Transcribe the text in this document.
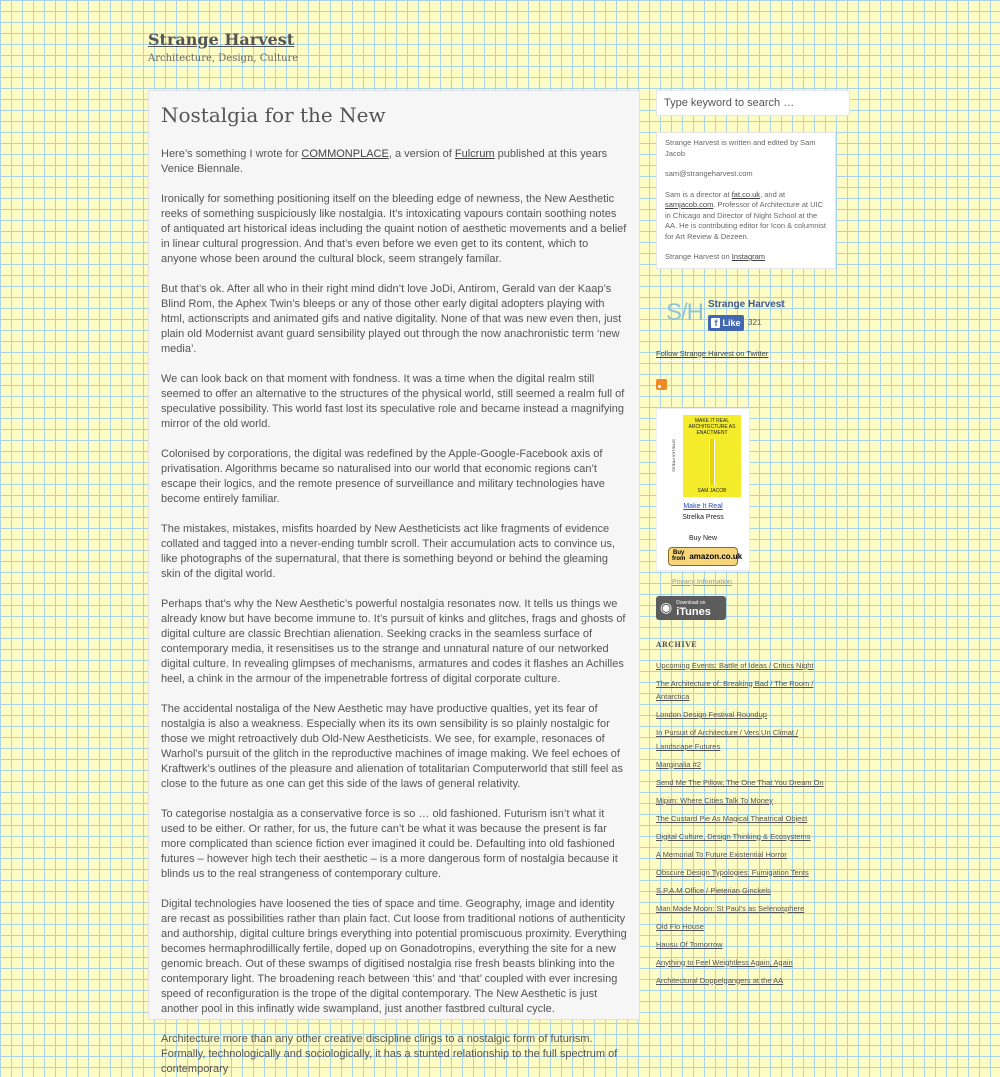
Strange Harvest
Architecture, Design, Culture
Nostalgia for the New

Here’s something I wrote for COMMONPLACE, a version of Fulcrum published at this years Venice Biennale.

Ironically for something positioning itself on the bleeding edge of newness, the New Aesthetic reeks of something suspiciously like nostalgia. It’s intoxicating vapours contain soothing notes of antiquated art historical ideas including the quaint notion of aesthetic movements and a belief in linear cultural progression. And that’s even before we even get to its content, which to anyone whose been around the cultural block, seem strangely familar.

But that’s ok. After all who in their right mind didn’t love JoDi, Antirom, Gerald van der Kaap’s Blind Rom, the Aphex Twin’s bleeps or any of those other early digital adopters playing with html, actionscripts and animated gifs and native digitality. None of that was new even then, just plain old Modernist avant guard sensibility played out through the now anachronistic term ‘new media’.

We can look back on that moment with fondness. It was a time when the digital realm still seemed to offer an alternative to the structures of the physical world, still seemed a realm full of speculative possibility. This world fast lost its speculative role and became instead a magnifying mirror of the old world.

Colonised by corporations, the digital was redefined by the Apple-Google-Facebook axis of privatisation. Algorithms became so naturalised into our world that economic regions can’t escape their logics, and the remote presence of surveillance and military technologies have become entirely familiar.

The mistakes, mistakes, misfits hoarded by New Aestheticists act like fragments of evidence collated and tagged into a never-ending tumblr scroll. Their accumulation acts to convince us, like photographs of the supernatural, that there is something beyond or behind the gleaming skin of the digital world.

Perhaps that’s why the New Aesthetic’s powerful nostalgia resonates now. It tells us things we already know but have become immune to. It’s pursuit of kinks and glitches, frags and ghosts of digital culture are classic Brechtian alienation. Seeking cracks in the seamless surface of contemporary media, it resensitises us to the strange and unnatural nature of our networked digital culture. In revealing glimpses of mechanisms, armatures and codes it flashes an Achilles heel, a chink in the armour of the impenetrable fortress of digital corporate culture.

The accidental nostaliga of the New Aesthetic may have productive qualties, yet its fear of nostalgia is also a weakness. Especially when its its own sensibility is so plainly nostalgic for those we might retroactively dub Old-New Aestheticists. We see, for example, resonaces of Warhol’s pursuit of the glitch in the reproductive machines of image making. We feel echoes of Kraftwerk’s outlines of the pleasure and alienation of totalitarian Computerworld that still feel as close to the future as one can get this side of the laws of general relativity.

To categorise nostalgia as a conservative force is so … old fashioned. Futurism isn’t what it used to be either. Or rather, for us, the future can’t be what it was because the present is far more complicated than science fiction ever imagined it could be. Defaulting into old fashioned futures – however high tech their aesthetic – is a more dangerous form of nostalgia because it blinds us to the real strangeness of contemporary culture.

Digital technologies have loosened the ties of space and time. Geography, image and identity are recast as possibilities rather than plain fact. Cut loose from traditional notions of authenticity and authorship, digital culture brings everything into potential promiscuous proximity. Everything becomes hermaphrodillically fertile, doped up on Gonadotropins, everything the site for a new genomic breach. Out of these swamps of digitised nostalgia rise fresh beasts blinking into the contemporary light. The broadening reach between ‘this’ and ‘that’ coupled with ever incresing speed of reconfiguration is the trope of the digital contemporary. The New Aesthetic is just another pool in this infinatly wide swampland, just another fastbred cultural cycle.

Architecture more than any other creative discipline clings to a nostalgic form of futurism. Formally, technologically and sociologically, it has a stunted relationship to the full spectrum of contemporary

Type keyword to search …

Strange Harvest is written and edited by Sam Jacob

sam@strangeharvest.com

Sam is a director at fat.co.uk, and at samjacob.com. Professor of Architecture at UIC in Chicago and Director of Night School at the AA. He is contributing editor for Icon & columnist for Art Review & Dezeen.

Strange Harvest on Instagram

S/H Strange Harvest
f Like 321
Follow Strange Harvest on Twitter
STRELKA PRESS
MAKE IT REAL ARCHITECTURE AS ENACTMENT
SAM JACOB
Make It Real
Strelka Press
Buy New
Buy from amazon.co.uk
Privacy Information
◉ Download on
iTunes
ARCHIVE
Upcoming Events: Battle of Ideas / Critics Night
The Architecture of: Breaking Bad / The Room / Antarctica
London Design Festival Roundup
In Pursuit of Architecture / Vers Un Climat / Landscape Futures
Marginalia #2
Send Me The Pillow, The One That You Dream On
Mipim: Where Cities Talk To Money
The Custard Pie As Magical Theatrical Object
Digital Culture, Design Thinking & Ecosystems
A Memorial To Future Existential Horror
Obscure Design Typologies: Fumigation Tents
S.P.A.M Office / Pieterian Ginckels
Man Made Moon: St Paul’s as Selenosphere
Old Flo House
Hausu Of Tomorrow
Anything to Feel Weightless Again, Again
Architectural Doppelgangers at the AA
